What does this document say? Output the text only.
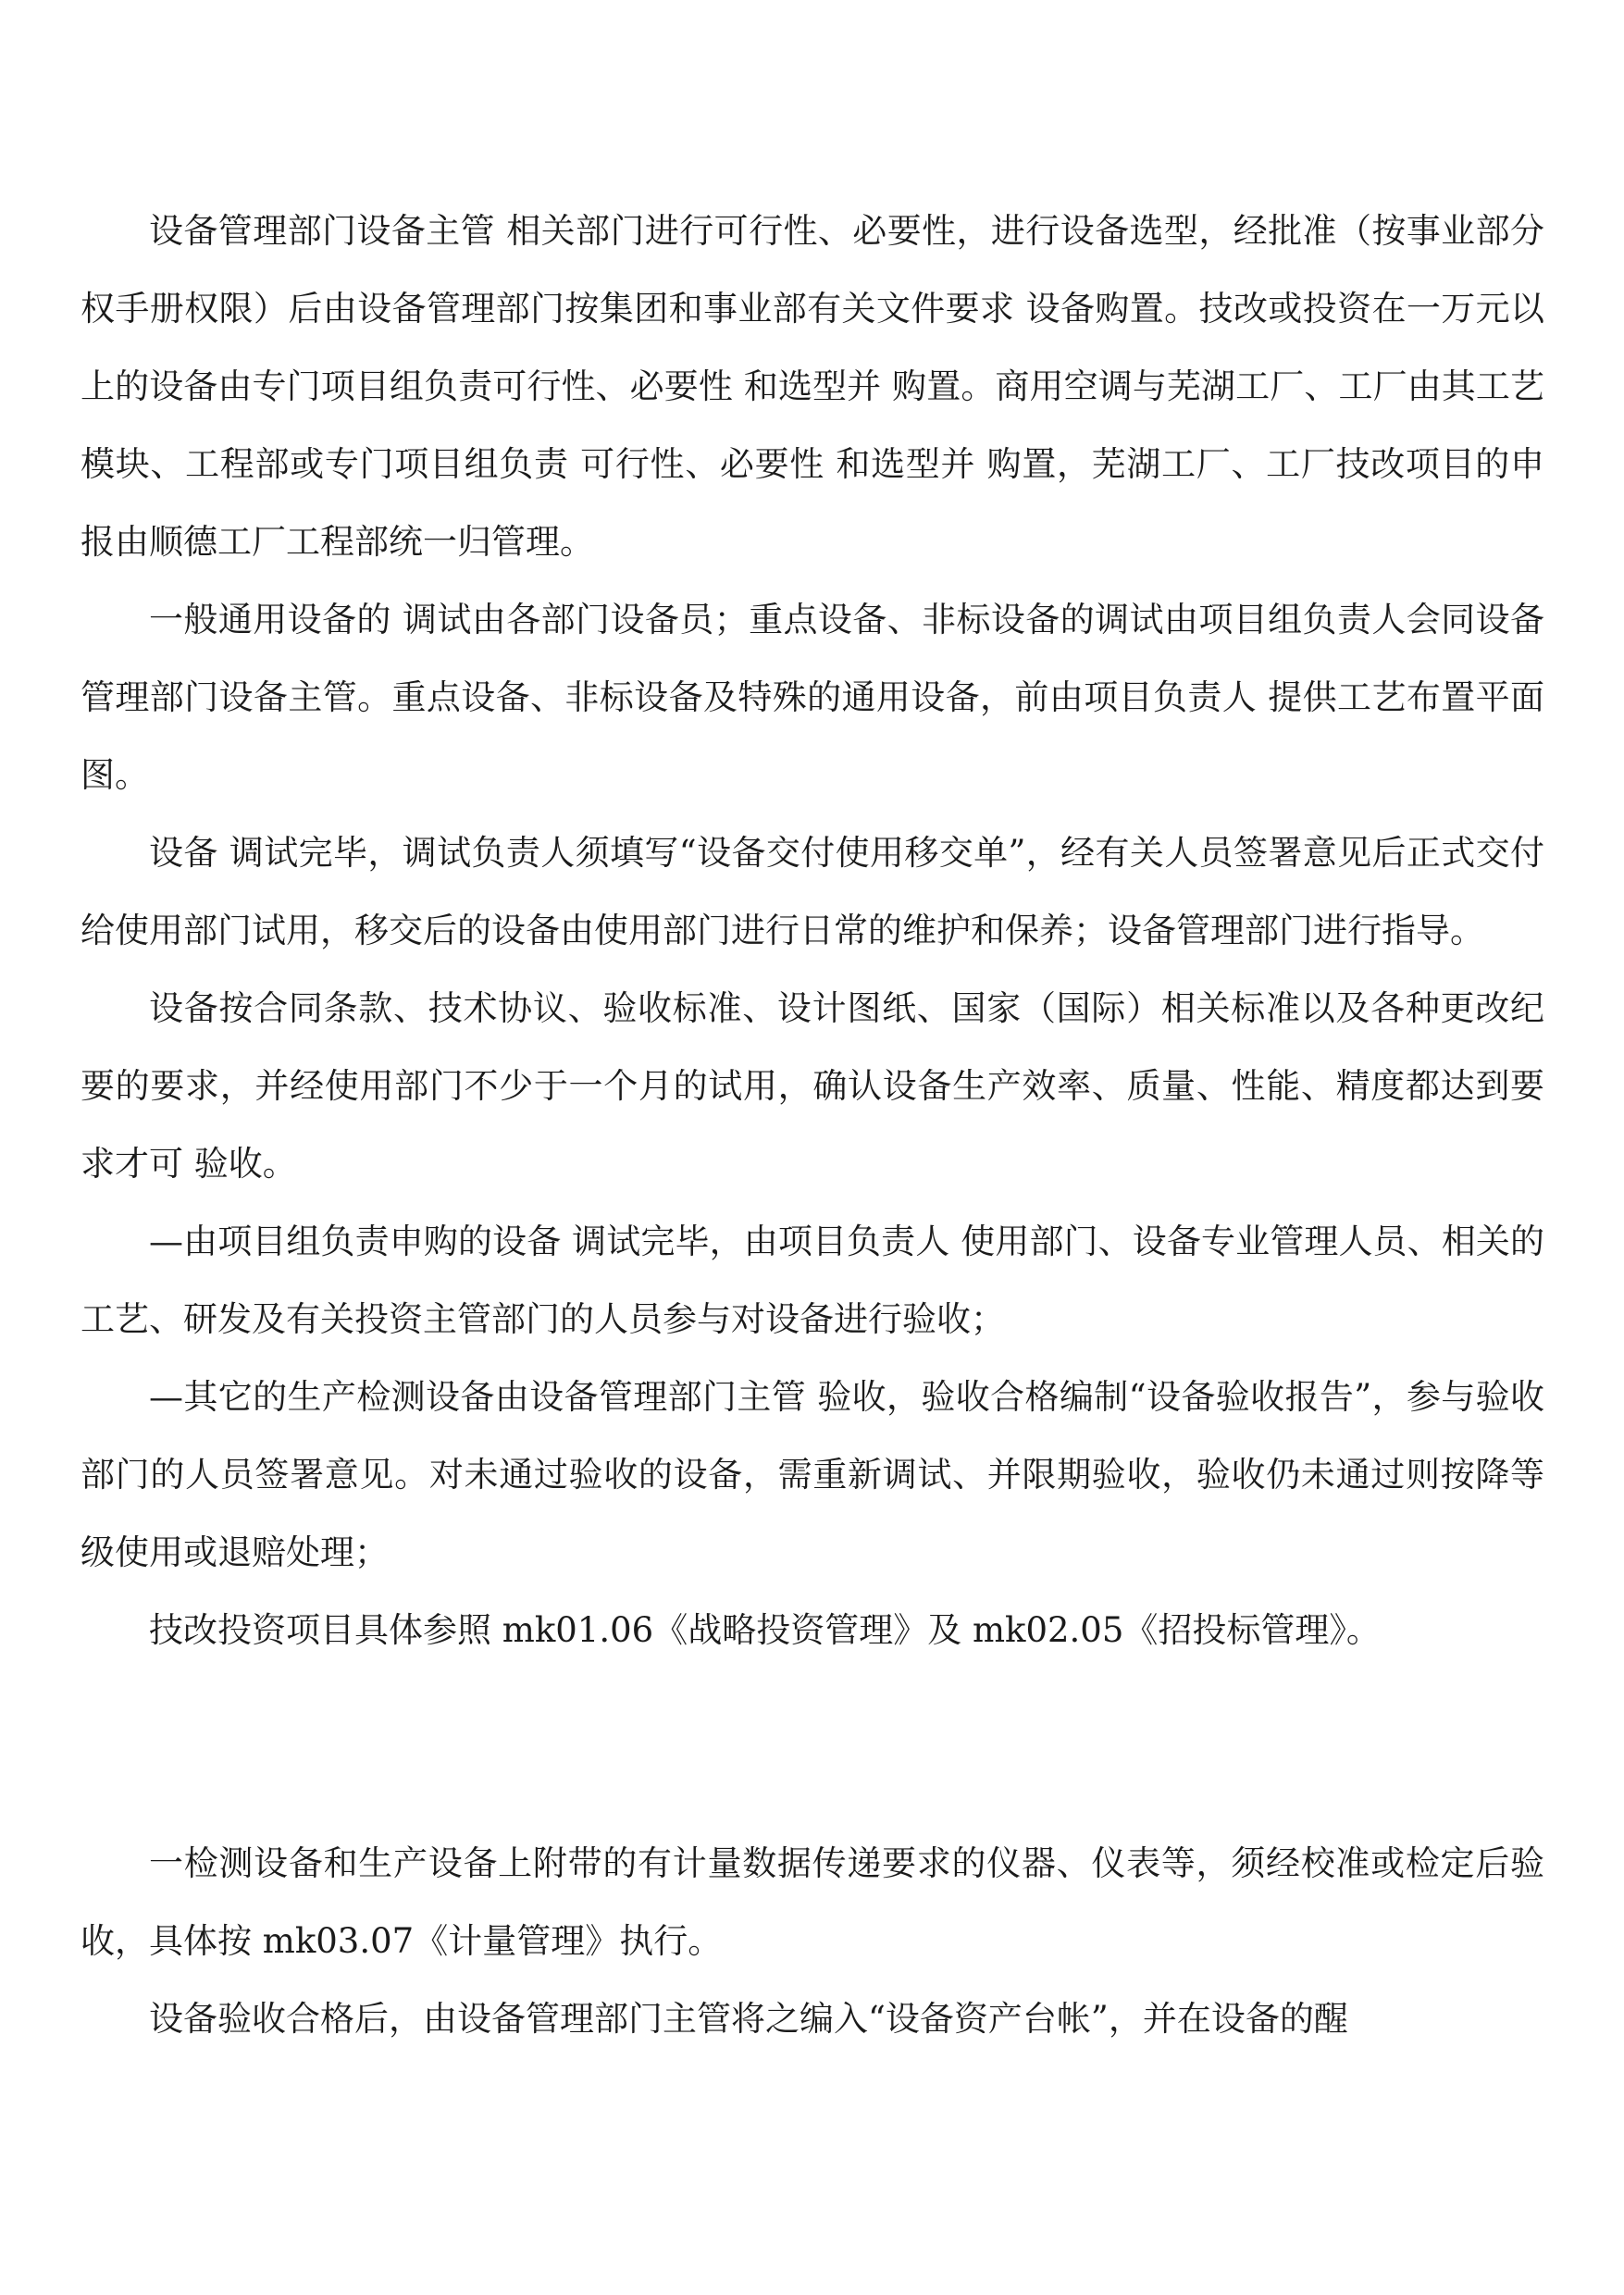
设备管理部门设备主管 相关部门进行可行性、必要性，进行设备选型，经批准（按事业部分权手册权限）后由设备管理部门按集团和事业部有关文件要求 设备购置。技改或投资在一万元以上的设备由专门项目组负责可行性、必要性 和选型并 购置。商用空调与芜湖工厂、工厂由其工艺模块、工程部或专门项目组负责 可行性、必要性 和选型并 购置，芜湖工厂、工厂技改项目的申报由顺德工厂工程部统一归管理。

一般通用设备的 调试由各部门设备员；重点设备、非标设备的调试由项目组负责人会同设备管理部门设备主管。重点设备、非标设备及特殊的通用设备，前由项目负责人 提供工艺布置平面图。

设备 调试完毕，调试负责人须填写“设备交付使用移交单”，经有关人员签署意见后正式交付给使用部门试用，移交后的设备由使用部门进行日常的维护和保养；设备管理部门进行指导。

设备按合同条款、技术协议、验收标准、设计图纸、国家（国际）相关标准以及各种更改纪要的要求，并经使用部门不少于一个月的试用，确认设备生产效率、质量、性能、精度都达到要求才可 验收。

—由项目组负责申购的设备 调试完毕，由项目负责人 使用部门、设备专业管理人员、相关的工艺、研发及有关投资主管部门的人员参与对设备进行验收；

—其它的生产检测设备由设备管理部门主管 验收，验收合格编制“设备验收报告”，参与验收部门的人员签署意见。对未通过验收的设备，需重新调试、并限期验收，验收仍未通过则按降等级使用或退赔处理；

技改投资项目具体参照 mk01.06《战略投资管理》及 mk02.05《招投标管理》。

一检测设备和生产设备上附带的有计量数据传递要求的仪器、仪表等，须经校准或检定后验收，具体按 mk03.07《计量管理》执行。

设备验收合格后，由设备管理部门主管将之编入“设备资产台帐”，并在设备的醒
